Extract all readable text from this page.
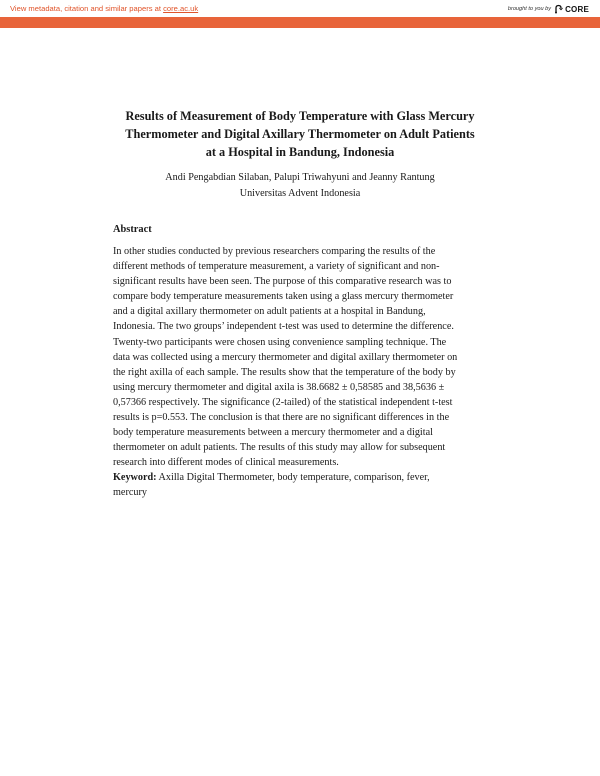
View metadata, citation and similar papers at core.ac.uk	brought to you by CORE
provided by Online Journal Universitas Advent Indonesia
Results of Measurement of Body Temperature with Glass Mercury
Thermometer and Digital Axillary Thermometer on Adult Patients
at a Hospital in Bandung, Indonesia
Andi Pengabdian Silaban, Palupi Triwahyuni and Jeanny Rantung
Universitas Advent Indonesia
Abstract

In other studies conducted by previous researchers comparing the results of the
different methods of temperature measurement, a variety of significant and non-
significant results have been seen. The purpose of this comparative research was to
compare body temperature measurements taken using a glass mercury thermometer
and a digital axillary thermometer on adult patients at a hospital in Bandung,
Indonesia. The two groups’ independent t-test was used to determine the difference.
Twenty-two participants were chosen using convenience sampling technique. The
data was collected using a mercury thermometer and digital axillary thermometer on
the right axilla of each sample. The results show that the temperature of the body by
using mercury thermometer and digital axila is 38.6682 ± 0,58585 and 38,5636 ±
0,57366 respectively. The significance (2-tailed) of the statistical independent t-test
results is p=0.553. The conclusion is that there are no significant differences in the
body temperature measurements between a mercury thermometer and a digital
thermometer on adult patients. The results of this study may allow for subsequent
research into different modes of clinical measurements.

Keyword: Axilla Digital Thermometer, body temperature, comparison, fever,
mercury
